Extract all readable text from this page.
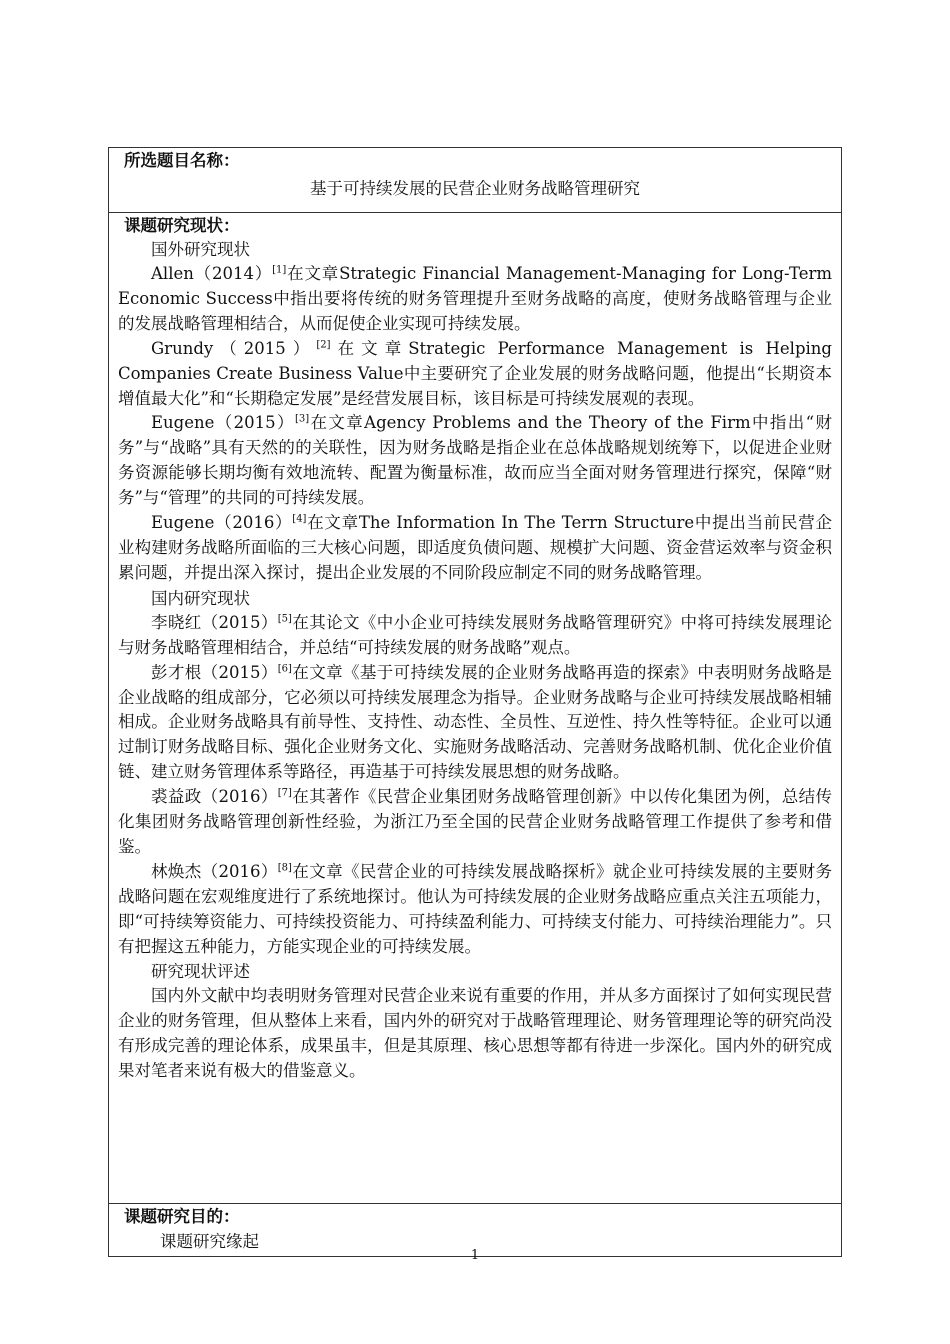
所选题目名称：
基于可持续发展的民营企业财务战略管理研究

课题研究现状：

国外研究现状

Allen（2014）[1]在文章Strategic Financial Management-Managing for Long-Term Economic Success中指出要将传统的财务管理提升至财务战略的高度，使财务战略管理与企业的发展战略管理相结合，从而促使企业实现可持续发展。

Grundy（2015）[2]在文章Strategic Performance Management is Helping Companies Create Business Value中主要研究了企业发展的财务战略问题，他提出“长期资本增值最大化”和“长期稳定发展”是经营发展目标，该目标是可持续发展观的表现。

Eugene（2015）[3]在文章Agency Problems and the Theory of the Firm中指出“财务”与“战略”具有天然的的关联性，因为财务战略是指企业在总体战略规划统筹下，以促进企业财务资源能够长期均衡有效地流转、配置为衡量标准，故而应当全面对财务管理进行探究，保障“财务”与“管理”的共同的可持续发展。

Eugene（2016）[4]在文章The Information In The Terrn Structure中提出当前民营企业构建财务战略所面临的三大核心问题，即适度负债问题、规模扩大问题、资金营运效率与资金积累问题，并提出深入探讨，提出企业发展的不同阶段应制定不同的财务战略管理。

国内研究现状

李晓红（2015）[5]在其论文《中小企业可持续发展财务战略管理研究》中将可持续发展理论与财务战略管理相结合，并总结“可持续发展的财务战略”观点。

彭才根（2015）[6]在文章《基于可持续发展的企业财务战略再造的探索》中表明财务战略是企业战略的组成部分，它必须以可持续发展理念为指导。企业财务战略与企业可持续发展战略相辅相成。企业财务战略具有前导性、支持性、动态性、全员性、互逆性、持久性等特征。企业可以通过制订财务战略目标、强化企业财务文化、实施财务战略活动、完善财务战略机制、优化企业价值链、建立财务管理体系等路径，再造基于可持续发展思想的财务战略。

裘益政（2016）[7]在其著作《民营企业集团财务战略管理创新》中以传化集团为例，总结传化集团财务战略管理创新性经验，为浙江乃至全国的民营企业财务战略管理工作提供了参考和借鉴。

林焕杰（2016）[8]在文章《民营企业的可持续发展战略探析》就企业可持续发展的主要财务战略问题在宏观维度进行了系统地探讨。他认为可持续发展的企业财务战略应重点关注五项能力，即“可持续筹资能力、可持续投资能力、可持续盈利能力、可持续支付能力、可持续治理能力”。只有把握这五种能力，方能实现企业的可持续发展。

研究现状评述

国内外文献中均表明财务管理对民营企业来说有重要的作用，并从多方面探讨了如何实现民营企业的财务管理，但从整体上来看，国内外的研究对于战略管理理论、财务管理理论等的研究尚没有形成完善的理论体系，成果虽丰，但是其原理、核心思想等都有待进一步深化。国内外的研究成果对笔者来说有极大的借鉴意义。

课题研究目的：

课题研究缘起

1
